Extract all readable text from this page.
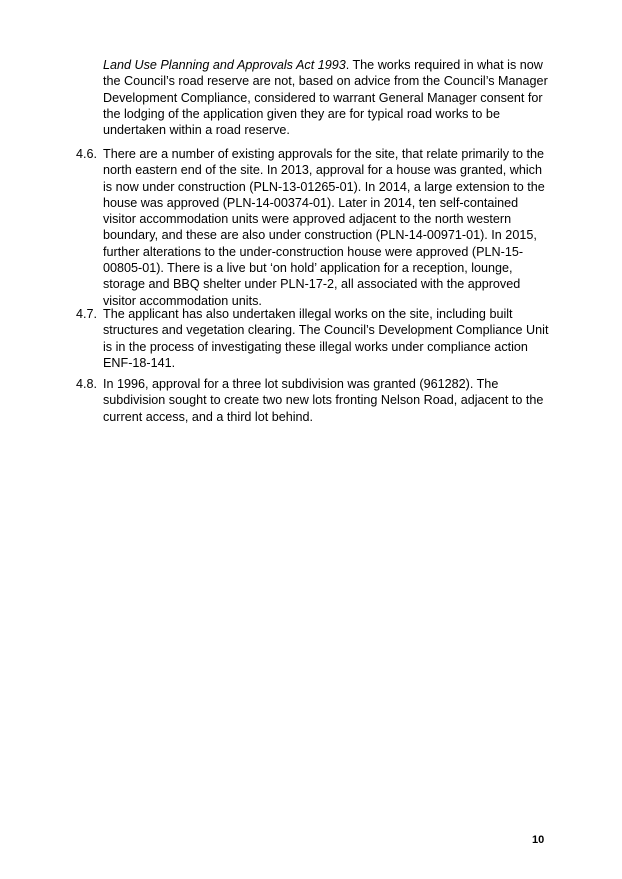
Land Use Planning and Approvals Act 1993. The works required in what is now
the Council’s road reserve are not, based on advice from the Council’s Manager
Development Compliance, considered to warrant General Manager consent for
the lodging of the application given they are for typical road works to be
undertaken within a road reserve.
4.6. There are a number of existing approvals for the site, that relate primarily to the
north eastern end of the site. In 2013, approval for a house was granted, which
is now under construction (PLN-13-01265-01). In 2014, a large extension to the
house was approved (PLN-14-00374-01). Later in 2014, ten self-contained
visitor accommodation units were approved adjacent to the north western
boundary, and these are also under construction (PLN-14-00971-01). In 2015,
further alterations to the under-construction house were approved (PLN-15-
00805-01). There is a live but ‘on hold’ application for a reception, lounge,
storage and BBQ shelter under PLN-17-2, all associated with the approved
visitor accommodation units.
4.7. The applicant has also undertaken illegal works on the site, including built
structures and vegetation clearing. The Council’s Development Compliance Unit
is in the process of investigating these illegal works under compliance action
ENF-18-141.
4.8. In 1996, approval for a three lot subdivision was granted (961282). The
subdivision sought to create two new lots fronting Nelson Road, adjacent to the
current access, and a third lot behind.
10
